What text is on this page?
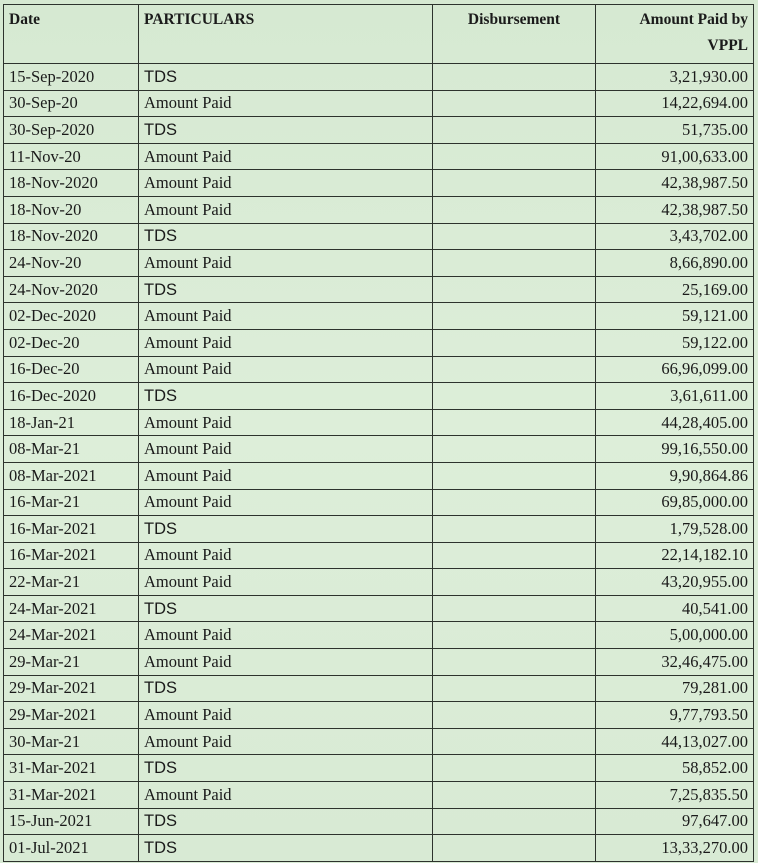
Date	PARTICULARS	Disbursement	Amount Paid by
VPPL

15-Sep-2020	TDS		3,21,930.00
30-Sep-20	Amount Paid		14,22,694.00
30-Sep-2020	TDS		51,735.00
11-Nov-20	Amount Paid		91,00,633.00
18-Nov-2020	Amount Paid		42,38,987.50
18-Nov-20	Amount Paid		42,38,987.50
18-Nov-2020	TDS		3,43,702.00
24-Nov-20	Amount Paid		8,66,890.00
24-Nov-2020	TDS		25,169.00
02-Dec-2020	Amount Paid		59,121.00
02-Dec-20	Amount Paid		59,122.00
16-Dec-20	Amount Paid		66,96,099.00
16-Dec-2020	TDS		3,61,611.00
18-Jan-21	Amount Paid		44,28,405.00
08-Mar-21	Amount Paid		99,16,550.00
08-Mar-2021	Amount Paid		9,90,864.86
16-Mar-21	Amount Paid		69,85,000.00
16-Mar-2021	TDS		1,79,528.00
16-Mar-2021	Amount Paid		22,14,182.10
22-Mar-21	Amount Paid		43,20,955.00
24-Mar-2021	TDS		40,541.00
24-Mar-2021	Amount Paid		5,00,000.00
29-Mar-21	Amount Paid		32,46,475.00
29-Mar-2021	TDS		79,281.00
29-Mar-2021	Amount Paid		9,77,793.50
30-Mar-21	Amount Paid		44,13,027.00
31-Mar-2021	TDS		58,852.00
31-Mar-2021	Amount Paid		7,25,835.50
15-Jun-2021	TDS		97,647.00
01-Jul-2021	TDS		13,33,270.00
